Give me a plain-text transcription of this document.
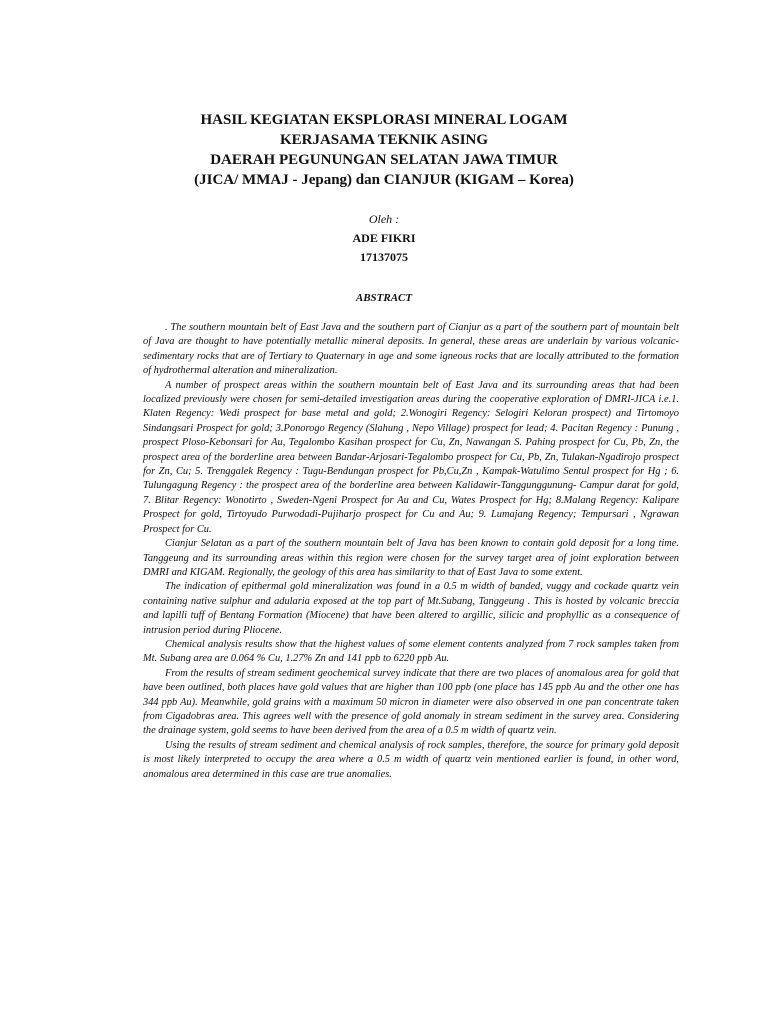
HASIL KEGIATAN EKSPLORASI MINERAL LOGAM

KERJASAMA TEKNIK ASING

DAERAH PEGUNUNGAN SELATAN JAWA TIMUR

(JICA/ MMAJ - Jepang) dan CIANJUR (KIGAM – Korea)

Oleh :
ADE FIKRI
17137075
ABSTRACT

. The southern mountain belt of East Java and the southern part of Cianjur as a part of the southern part of mountain belt of Java are thought to have potentially metallic mineral deposits. In general, these areas are underlain by various volcanic-sedimentary rocks that are of Tertiary to Quaternary in age and some igneous rocks that are locally attributed to the formation of hydrothermal alteration and mineralization.

A number of prospect areas within the southern mountain belt of East Java and its surrounding areas that had been localized previously were chosen for semi-detailed investigation areas during the cooperative exploration of DMRI-JICA i.e.1. Klaten Regency: Wedi prospect for base metal and gold; 2.Wonogiri Regency: Selogiri Keloran prospect) and Tirtomoyo Sindangsari Prospect for gold; 3.Ponorogo Regency (Slahung , Nepo Village) prospect for lead; 4. Pacitan Regency : Punung , prospect Ploso-Kebonsari for Au, Tegalombo Kasihan prospect for Cu, Zn, Nawangan S. Pahing prospect for Cu, Pb, Zn, the prospect area of the borderline area between Bandar-Arjosari-Tegalombo prospect for Cu, Pb, Zn, Tulakan-Ngadirojo prospect for Zn, Cu; 5. Trenggalek Regency : Tugu-Bendungan prospect for Pb,Cu,Zn , Kampak-Watulimo Sentul prospect for Hg ; 6. Tulungagung Regency : the prospect area of the borderline area between Kalidawir-Tanggunggunung- Campur darat for gold, 7. Blitar Regency: Wonotirto , Sweden-Ngeni Prospect for Au and Cu, Wates Prospect for Hg; 8.Malang Regency: Kalipare Prospect for gold, Tirtoyudo Purwodadi-Pujiharjo prospect for Cu and Au; 9. Lumajang Regency; Tempursari , Ngrawan Prospect for Cu.

Cianjur Selatan as a part of the southern mountain belt of Java has been known to contain gold deposit for a long time. Tanggeung and its surrounding areas within this region were chosen for the survey target area of joint exploration between DMRI and KIGAM. Regionally, the geology of this area has similarity to that of East Java to some extent.

The indication of epithermal gold mineralization was found in a 0.5 m width of banded, vuggy and cockade quartz vein containing native sulphur and adularia exposed at the top part of Mt.Subang, Tanggeung . This is hosted by volcanic breccia and lapilli tuff of Bentang Formation (Miocene) that have been altered to argillic, silicic and prophyllic as a consequence of intrusion period during Pliocene.

Chemical analysis results show that the highest values of some element contents analyzed from 7 rock samples taken from Mt. Subang area are 0.064 % Cu, 1.27% Zn and 141 ppb to 6220 ppb Au.

From the results of stream sediment geochemical survey indicate that there are two places of anomalous area for gold that have been outlined, both places have gold values that are higher than 100 ppb (one place has 145 ppb Au and the other one has 344 ppb Au). Meanwhile, gold grains with a maximum 50 micron in diameter were also observed in one pan concentrate taken from Cigadobras area. This agrees well with the presence of gold anomaly in stream sediment in the survey area. Considering the drainage system, gold seems to have been derived from the area of a 0.5 m width of quartz vein.

Using the results of stream sediment and chemical analysis of rock samples, therefore, the source for primary gold deposit is most likely interpreted to occupy the area where a 0.5 m width of quartz vein mentioned earlier is found, in other word, anomalous area determined in this case are true anomalies.
